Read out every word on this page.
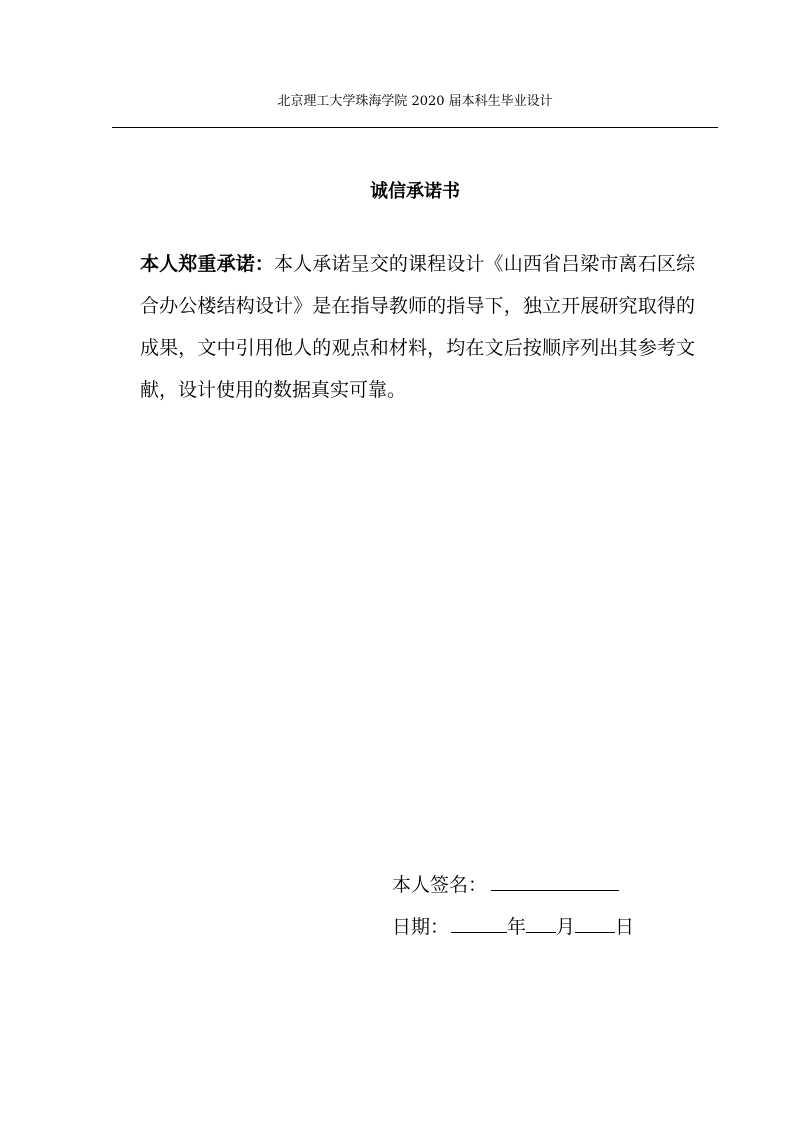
北京理工大学珠海学院 2020 届本科生毕业设计
诚信承诺书

本人郑重承诺：本人承诺呈交的课程设计《山西省吕梁市离石区综合办公楼结构设计》是在指导教师的指导下，独立开展研究取得的成果，文中引用他人的观点和材料，均在文后按顺序列出其参考文献，设计使用的数据真实可靠。

本人签名：
日期：	年 月 日
